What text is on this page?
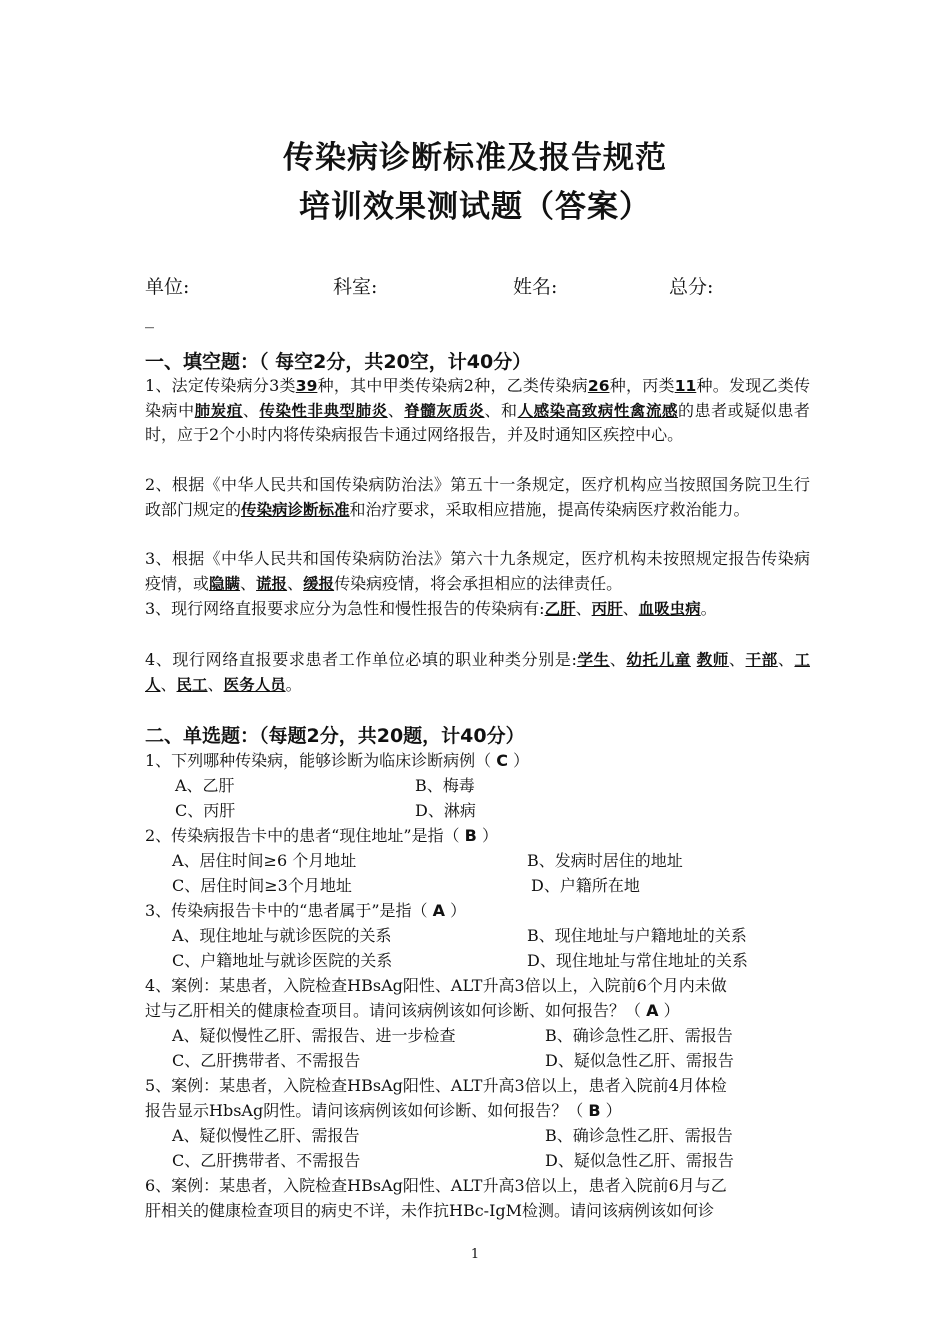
传染病诊断标准及报告规范
培训效果测试题（答案）
单位:	科室:	姓名:	总分:
_
一、填空题：（ 每空2分，共20空，计40分）
1、法定传染病分3类39种，其中甲类传染病2种，乙类传染病26种，丙类11种。发现乙类传染病中肺炭疽、传染性非典型肺炎、脊髓灰质炎、和人感染高致病性禽流感的患者或疑似患者时，应于2个小时内将传染病报告卡通过网络报告，并及时通知区疾控中心。
2、根据《中华人民共和国传染病防治法》第五十一条规定，医疗机构应当按照国务院卫生行政部门规定的传染病诊断标准和治疗要求，采取相应措施，提高传染病医疗救治能力。
3、根据《中华人民共和国传染病防治法》第六十九条规定，医疗机构未按照规定报告传染病疫情，或隐瞒、谎报、缓报传染病疫情，将会承担相应的法律责任。
3、现行网络直报要求应分为急性和慢性报告的传染病有:乙肝、丙肝、血吸虫病。
4、现行网络直报要求患者工作单位必填的职业种类分别是:学生、幼托儿童 教师、干部、工人、民工、医务人员。
二、单选题：（每题2分，共20题，计40分）
1、下列哪种传染病，能够诊断为临床诊断病例（ C ）
A、乙肝	B、梅毒
C、丙肝	D、淋病
2、传染病报告卡中的患者“现住地址”是指（ B ）
A、居住时间≥6 个月地址	B、发病时居住的地址
C、居住时间≥3个月地址	D、户籍所在地
3、传染病报告卡中的“患者属于”是指（ A ）
A、现住地址与就诊医院的关系	B、现住地址与户籍地址的关系
C、户籍地址与就诊医院的关系	D、现住地址与常住地址的关系
4、案例：某患者，入院检查HBsAg阳性、ALT升高3倍以上，入院前6个月内未做
过与乙肝相关的健康检查项目。请问该病例该如何诊断、如何报告？（ A ）
A、疑似慢性乙肝、需报告、进一步检查	B、确诊急性乙肝、需报告
C、乙肝携带者、不需报告	D、疑似急性乙肝、需报告
5、案例：某患者，入院检查HBsAg阳性、ALT升高3倍以上，患者入院前4月体检
报告显示HbsAg阴性。请问该病例该如何诊断、如何报告？（ B ）
A、疑似慢性乙肝、需报告	B、确诊急性乙肝、需报告
C、乙肝携带者、不需报告	D、疑似急性乙肝、需报告
6、案例：某患者，入院检查HBsAg阳性、ALT升高3倍以上，患者入院前6月与乙
肝相关的健康检查项目的病史不详，未作抗HBc-IgM检测。请问该病例该如何诊
1
